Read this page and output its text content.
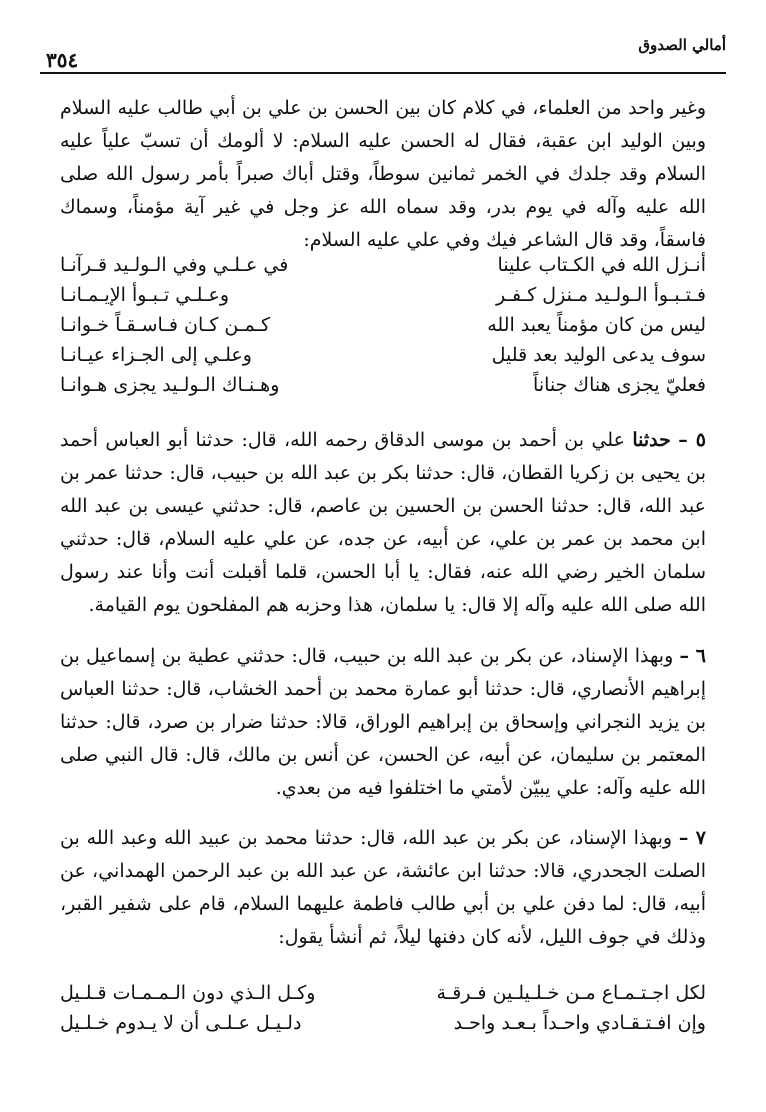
أمالي الصدوق
٣٥٤

وغير واحد من العلماء، في كلام كان بين الحسن بن علي بن أبي طالب عليه السلام وبين الوليد ابن عقبة، فقال له الحسن عليه السلام: لا ألومك أن تسبّ علياً عليه السلام وقد جلدك في الخمر ثمانين سوطاً، وقتل أباك صبراً بأمر رسول الله صلى الله عليه وآله في يوم بدر، وقد سماه الله عز وجل في غير آية مؤمناً، وسماك فاسقاً، وقد قال الشاعر فيك وفي علي عليه السلام:

أنـزل الله في الكـتاب علينا
في عـلـي وفي الـولـيد قـرآنـا
فـتـبـوأ الـولـيد مـنزل كـفـر
وعـلـي تـبـوأ الإيـمـانـا
ليس من كان مؤمناً يعبد الله
كـمـن كـان فـاسـقـاً خـوانـا
سوف يدعى الوليد بعد قليل
وعلـي إلى الجـزاء عيـانـا
فعليّ يجزى هناك جناناً
وهـنـاك الـولـيد يجزى هـوانـا

٥ – حدثنا علي بن أحمد بن موسى الدقاق رحمه الله، قال: حدثنا أبو العباس أحمد بن يحيى بن زكريا القطان، قال: حدثنا بكر بن عبد الله بن حبيب، قال: حدثنا عمر بن عبد الله، قال: حدثنا الحسن بن الحسين بن عاصم، قال: حدثني عيسى بن عبد الله ابن محمد بن عمر بن علي، عن أبيه، عن جده، عن علي عليه السلام، قال: حدثني سلمان الخير رضي الله عنه، فقال: يا أبا الحسن، قلما أقبلت أنت وأنا عند رسول الله صلى الله عليه وآله إلا قال: يا سلمان، هذا وحزبه هم المفلحون يوم القيامة.

٦ – وبهذا الإسناد، عن بكر بن عبد الله بن حبيب، قال: حدثني عطية بن إسماعيل بن إبراهيم الأنصاري، قال: حدثنا أبو عمارة محمد بن أحمد الخشاب، قال: حدثنا العباس بن يزيد النجراني وإسحاق بن إبراهيم الوراق، قالا: حدثنا ضرار بن صرد، قال: حدثنا المعتمر بن سليمان، عن أبيه، عن الحسن، عن أنس بن مالك، قال: قال النبي صلى الله عليه وآله: علي يبيّن لأمتي ما اختلفوا فيه من بعدي.

٧ – وبهذا الإسناد، عن بكر بن عبد الله، قال: حدثنا محمد بن عبيد الله وعبد الله بن الصلت الجحدري، قالا: حدثنا ابن عائشة، عن عبد الله بن عبد الرحمن الهمداني، عن أبيه، قال: لما دفن علي بن أبي طالب فاطمة عليهما السلام، قام على شفير القبر، وذلك في جوف الليل، لأنه كان دفنها ليلاً، ثم أنشأ يقول:

لكل اجـتـمـاع مـن خـلـيلـين فـرقـة
وكـل الـذي دون الـمـمـات قـلـيل
وإن افـتـقـادي واحـداً بـعـد واحـد
دلـيـل عـلـى أن لا يـدوم خـلـيل
